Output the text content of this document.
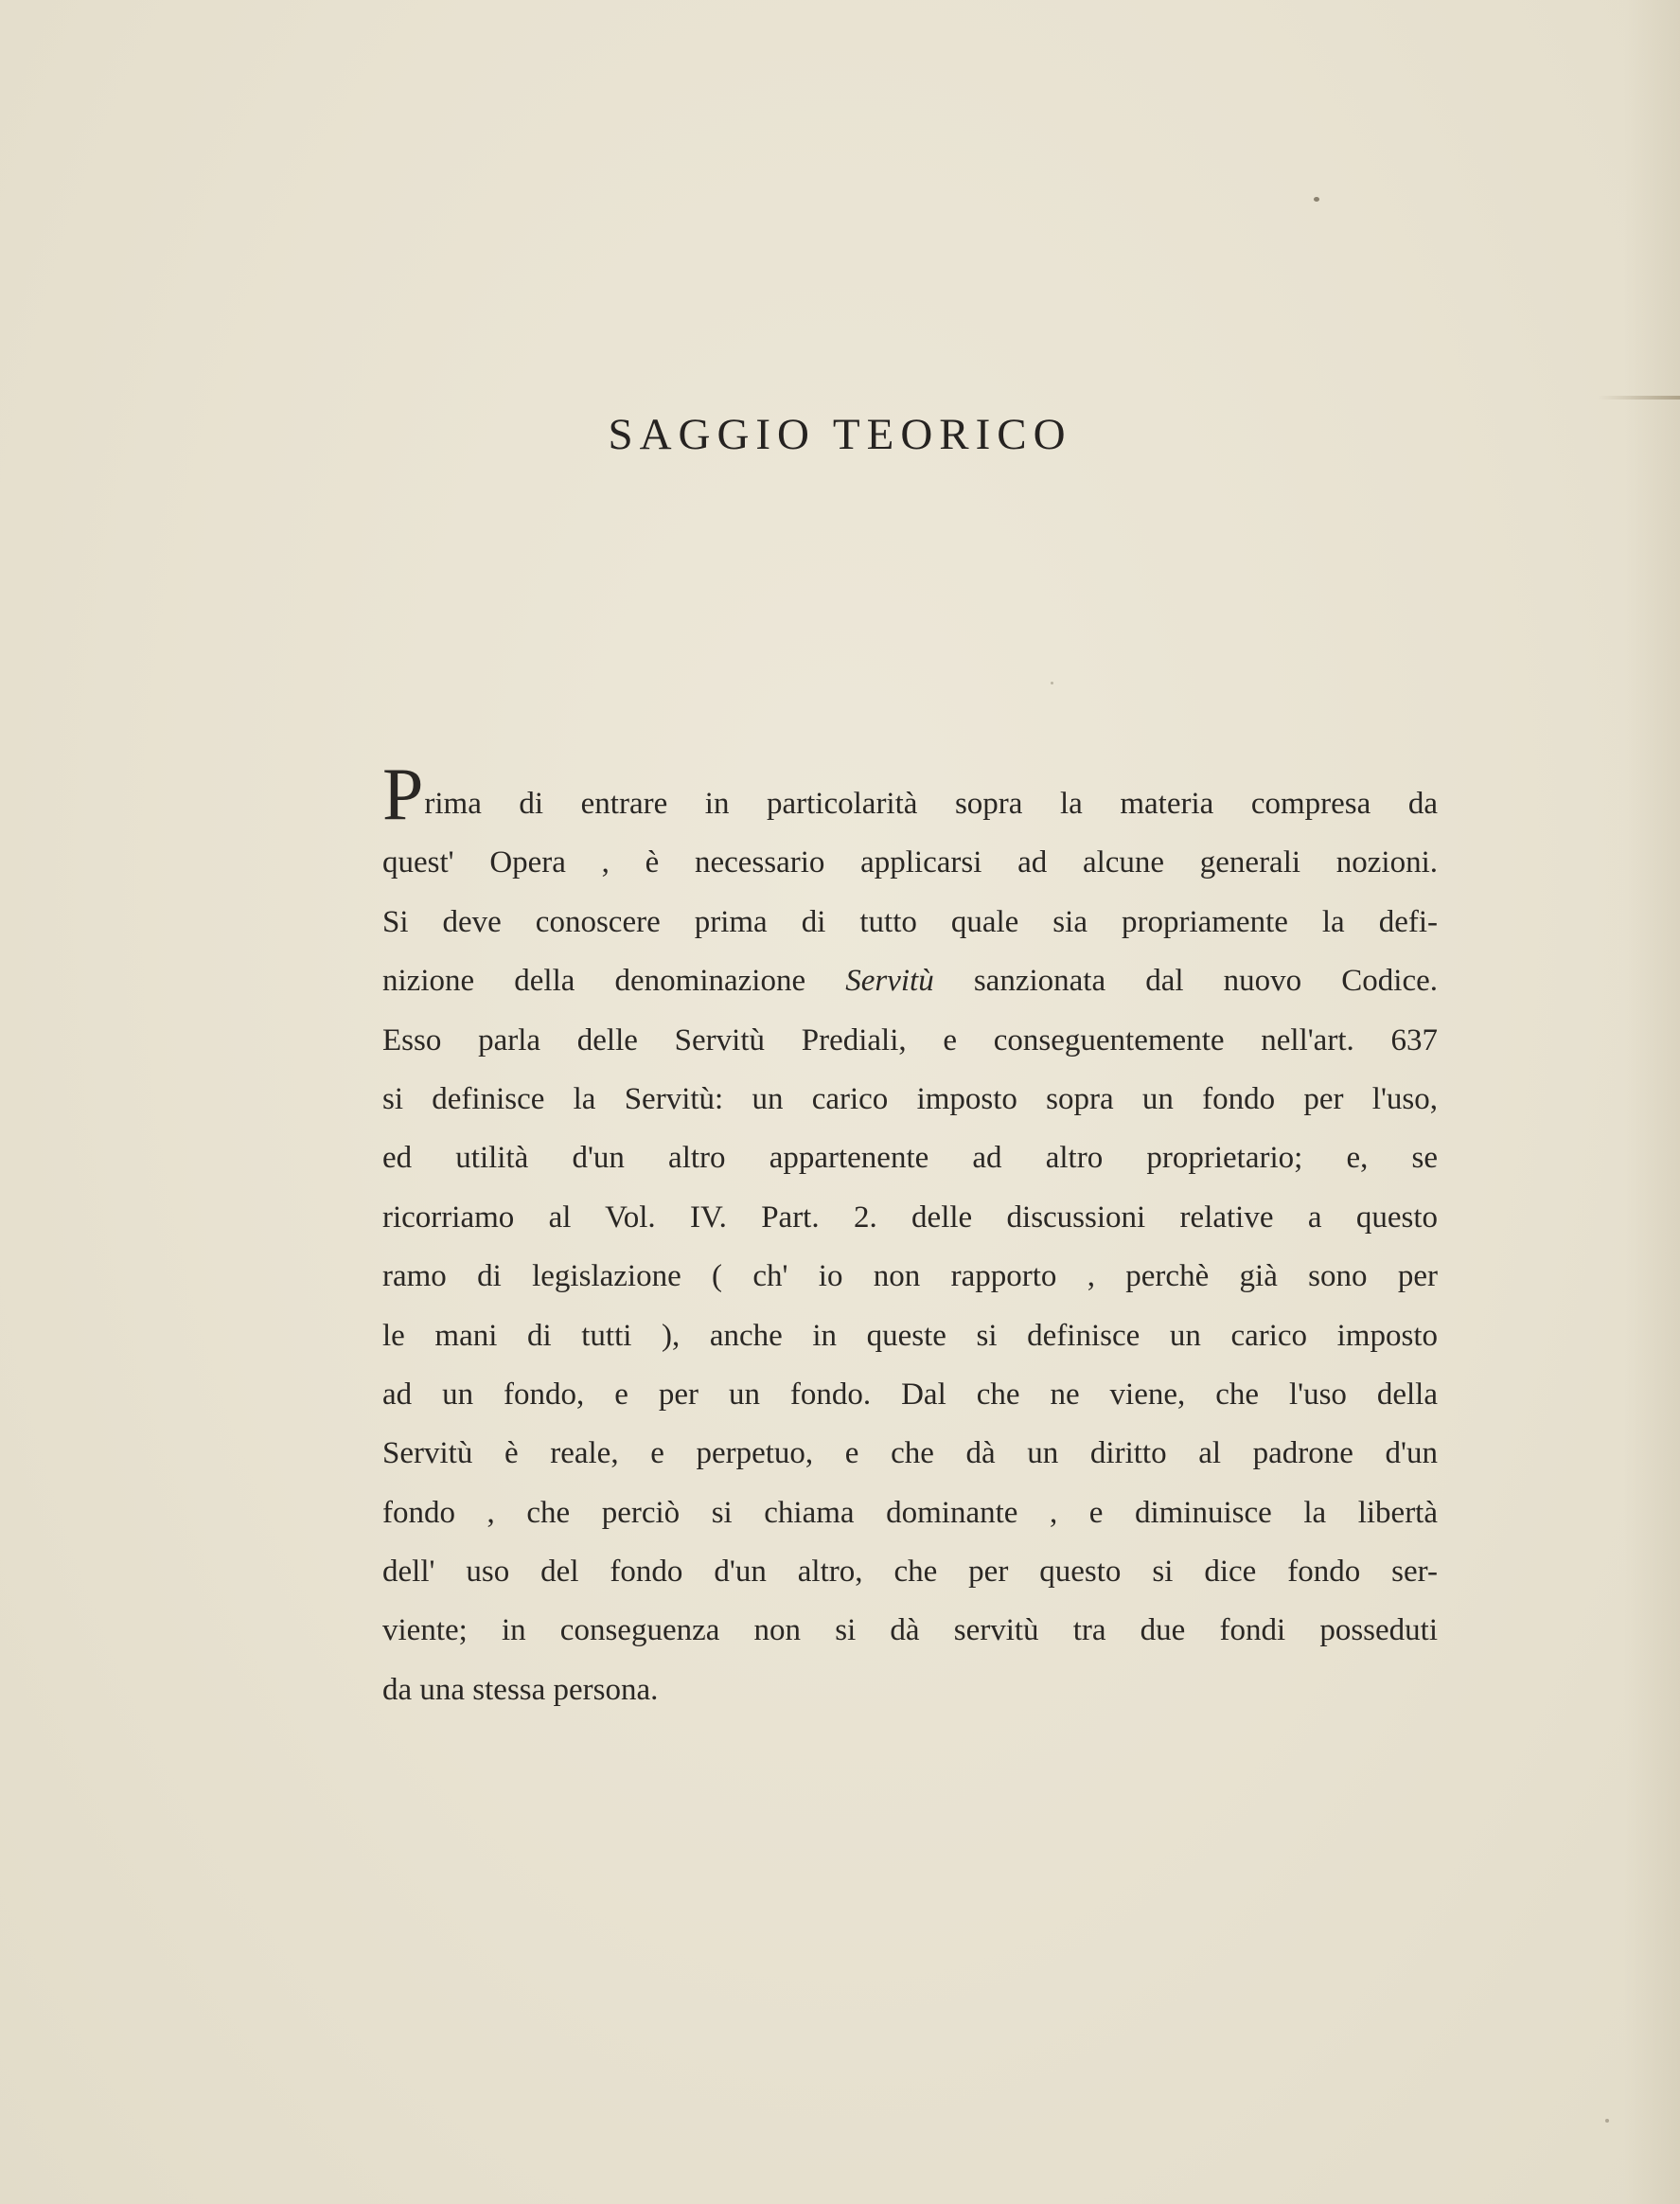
SAGGIO TEORICO
Prima di entrare in particolarità sopra la materia compresa da
quest' Opera , è necessario applicarsi ad alcune generali nozioni.
Si deve conoscere prima di tutto quale sia propriamente la defi-
nizione della denominazione Servitù sanzionata dal nuovo Codice.
Esso parla delle Servitù Prediali, e conseguentemente nell'art. 637
si definisce la Servitù: un carico imposto sopra un fondo per l'uso,
ed utilità d'un altro appartenente ad altro proprietario; e, se
ricorriamo al Vol. IV. Part. 2. delle discussioni relative a questo
ramo di legislazione ( ch' io non rapporto , perchè già sono per
le mani di tutti ), anche in queste si definisce un carico imposto
ad un fondo, e per un fondo. Dal che ne viene, che l'uso della
Servitù è reale, e perpetuo, e che dà un diritto al padrone d'un
fondo , che perciò si chiama dominante , e diminuisce la libertà
dell' uso del fondo d'un altro, che per questo si dice fondo ser-
viente; in conseguenza non si dà servitù tra due fondi posseduti
da una stessa persona.
